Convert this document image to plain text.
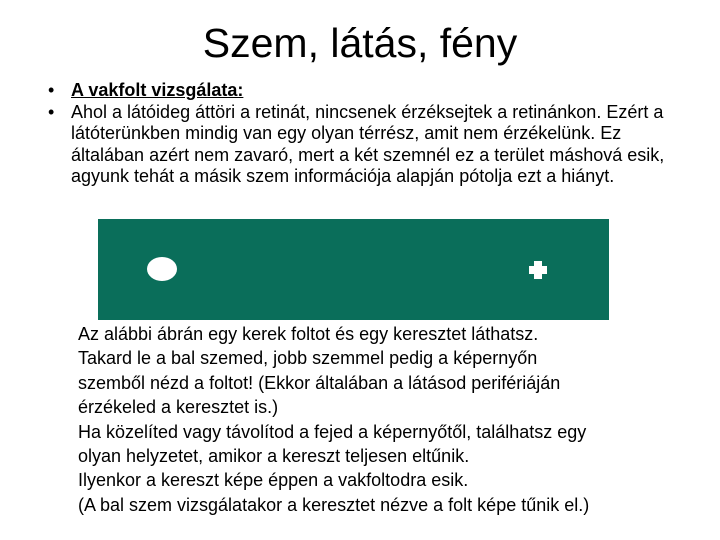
Szem, látás, fény
• A vakfolt vizsgálata:
• Ahol a látóideg áttöri a retinát, nincsenek érzéksejtek a retinánkon. Ezért a látóterünkben mindig van egy olyan térrész, amit nem érzékelünk. Ez általában azért nem zavaró, mert a két szemnél ez a terület máshová esik, agyunk tehát a másik szem információja alapján pótolja ezt a hiányt.

Az alábbi ábrán egy kerek foltot és egy keresztet láthatsz.

Takard le a bal szemed, jobb szemmel pedig a képernyőn

szemből nézd a foltot! (Ekkor általában a látásod perifériáján

érzékeled a keresztet is.)

Ha közelíted vagy távolítod a fejed a képernyőtől, találhatsz egy

olyan helyzetet, amikor a kereszt teljesen eltűnik.

Ilyenkor a kereszt képe éppen a vakfoltodra esik.

(A bal szem vizsgálatakor a keresztet nézve a folt képe tűnik el.)
